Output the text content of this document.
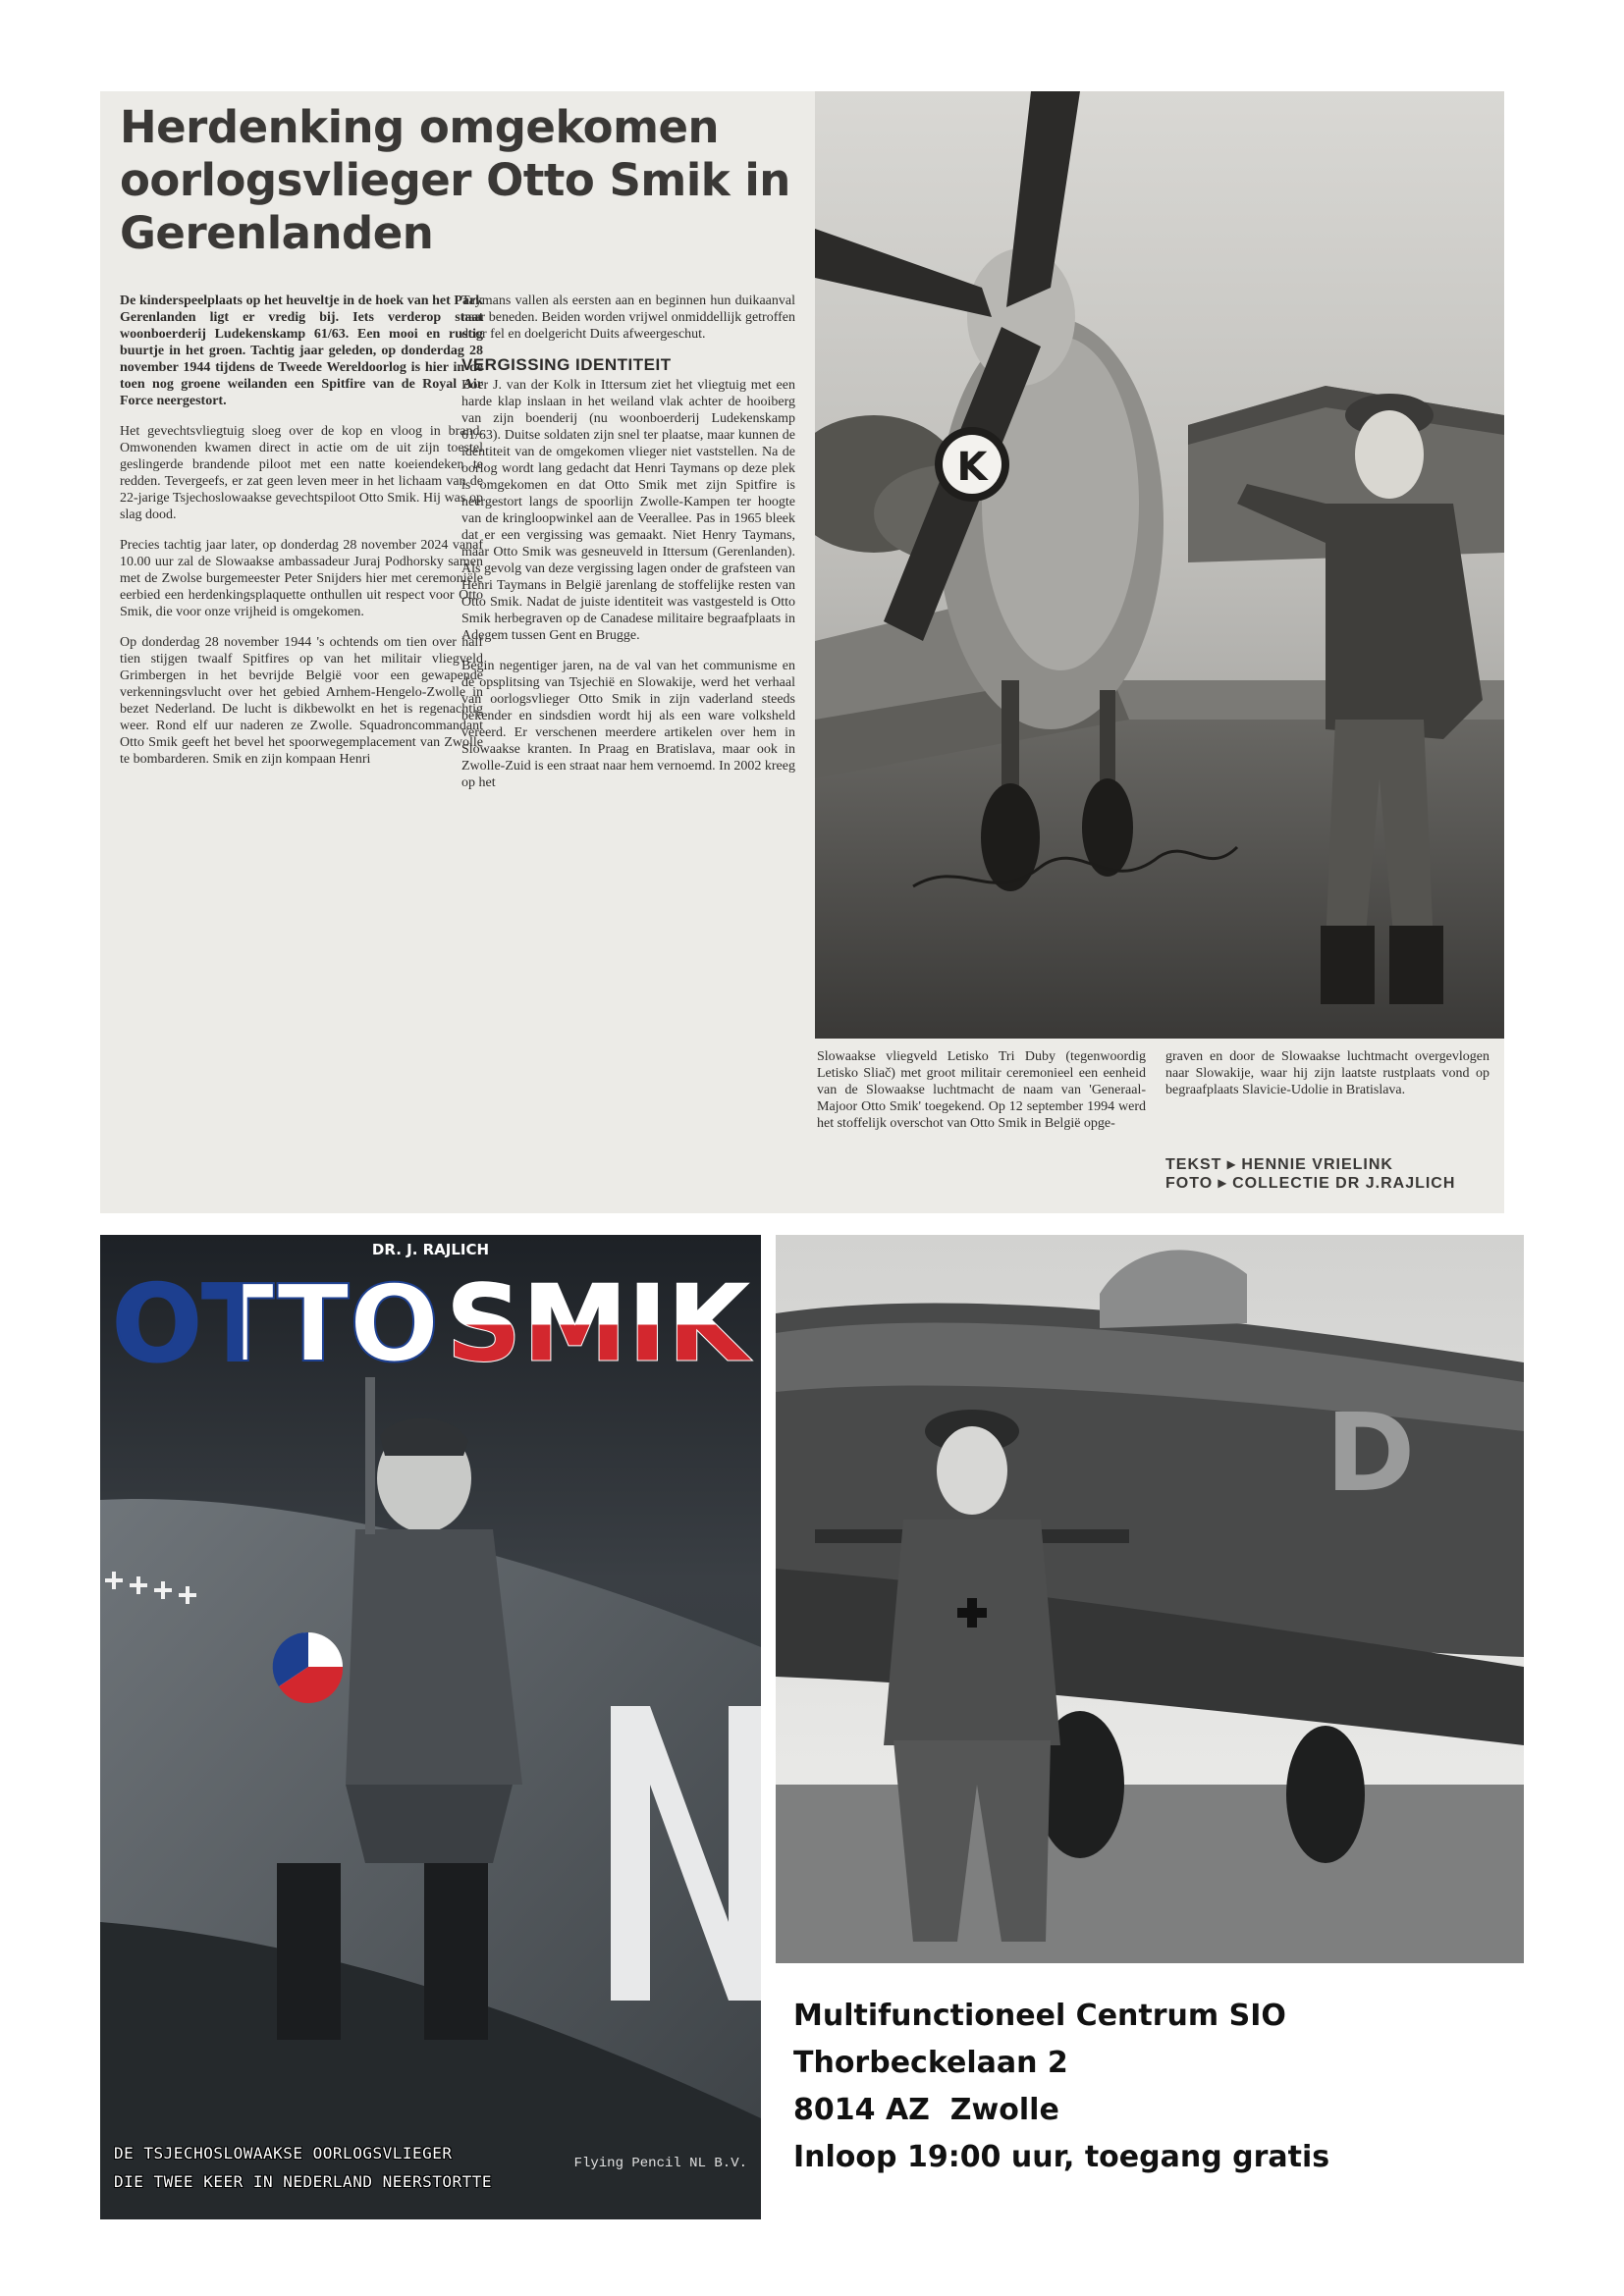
Herdenking omgekomen oorlogsvlieger Otto Smik in Gerenlanden

De kinderspeelplaats op het heuveltje in de hoek van het Park Gerenlanden ligt er vredig bij. Iets verderop staat woonboerderij Ludekenskamp 61/63. Een mooi en rustig buurtje in het groen. Tachtig jaar geleden, op donderdag 28 november 1944 tijdens de Tweede Wereldoorlog is hier in de toen nog groene weilanden een Spitfire van de Royal Air Force neergestort.

Het gevechtsvliegtuig sloeg over de kop en vloog in brand. Omwonenden kwamen direct in actie om de uit zijn toestel geslingerde brandende piloot met een natte koeiendeken te redden. Tevergeefs, er zat geen leven meer in het lichaam van de 22-jarige Tsjechoslowaakse gevechtspiloot Otto Smik. Hij was op slag dood.

Precies tachtig jaar later, op donderdag 28 november 2024 vanaf 10.00 uur zal de Slowaakse ambassadeur Juraj Podhorsky samen met de Zwolse burgemeester Peter Snijders hier met ceremoniële eerbied een herdenkingsplaquette onthullen uit respect voor Otto Smik, die voor onze vrijheid is omgekomen.

Op donderdag 28 november 1944 's ochtends om tien over half tien stijgen twaalf Spitfires op van het militair vliegveld Grimbergen in het bevrijde België voor een gewapende verkenningsvlucht over het gebied Arnhem-Hengelo-Zwolle in bezet Nederland. De lucht is dikbewolkt en het is regenachtig weer. Rond elf uur naderen ze Zwolle. Squadroncommandant Otto Smik geeft het bevel het spoorwegemplacement van Zwolle te bombarderen. Smik en zijn kompaan Henri

Taymans vallen als eersten aan en beginnen hun duikaanval naar beneden. Beiden worden vrijwel onmiddellijk getroffen door fel en doelgericht Duits afweergeschut.

VERGISSING IDENTITEIT

Boer J. van der Kolk in Ittersum ziet het vliegtuig met een harde klap inslaan in het weiland vlak achter de hooiberg van zijn boenderij (nu woonboerderij Ludekenskamp 61/63). Duitse soldaten zijn snel ter plaatse, maar kunnen de identiteit van de omgekomen vlieger niet vaststellen. Na de oorlog wordt lang gedacht dat Henri Taymans op deze plek is omgekomen en dat Otto Smik met zijn Spitfire is neergestort langs de spoorlijn Zwolle-Kampen ter hoogte van de kringloopwinkel aan de Veerallee. Pas in 1965 bleek dat er een vergissing was gemaakt. Niet Henry Taymans, maar Otto Smik was gesneuveld in Ittersum (Gerenlanden). Als gevolg van deze vergissing lagen onder de grafsteen van Henri Taymans in België jarenlang de stoffelijke resten van Otto Smik. Nadat de juiste identiteit was vastgesteld is Otto Smik herbegraven op de Canadese militaire begraafplaats in Adegem tussen Gent en Brugge.

Begin negentiger jaren, na de val van het communisme en de opsplitsing van Tsjechië en Slowakije, werd het verhaal van oorlogsvlieger Otto Smik in zijn vaderland steeds bekender en sindsdien wordt hij als een ware volksheld vereerd. Er verschenen meerdere artikelen over hem in Slowaakse kranten. In Praag en Bratislava, maar ook in Zwolle-Zuid is een straat naar hem vernoemd. In 2002 kreeg op het

K

Slowaakse vliegveld Letisko Tri Duby (tegenwoordig Letisko Sliač) met groot militair ceremonieel een eenheid van de Slowaakse luchtmacht de naam van 'Generaal-Majoor Otto Smik' toegekend. Op 12 september 1994 werd het stoffelijk overschot van Otto Smik in België opge-

graven en door de Slowaakse luchtmacht overgevlogen naar Slowakije, waar hij zijn laatste rustplaats vond op begraafplaats Slavicie-Udolie in Bratislava.

TEKST ▸ HENNIE VRIELINK
FOTO ▸ COLLECTIE DR J.RAJLICH
DR. J. RAJLICH
OTTO SMIK
DE TSJECHOSLOWAAKSE OORLOGSVLIEGER
DIE TWEE KEER IN NEDERLAND NEERSTORTTE
Flying Pencil NL B.V.
D
Multifunctioneel Centrum SIO
Thorbeckelaan 2
8014 AZ  Zwolle
Inloop 19:00 uur, toegang gratis
